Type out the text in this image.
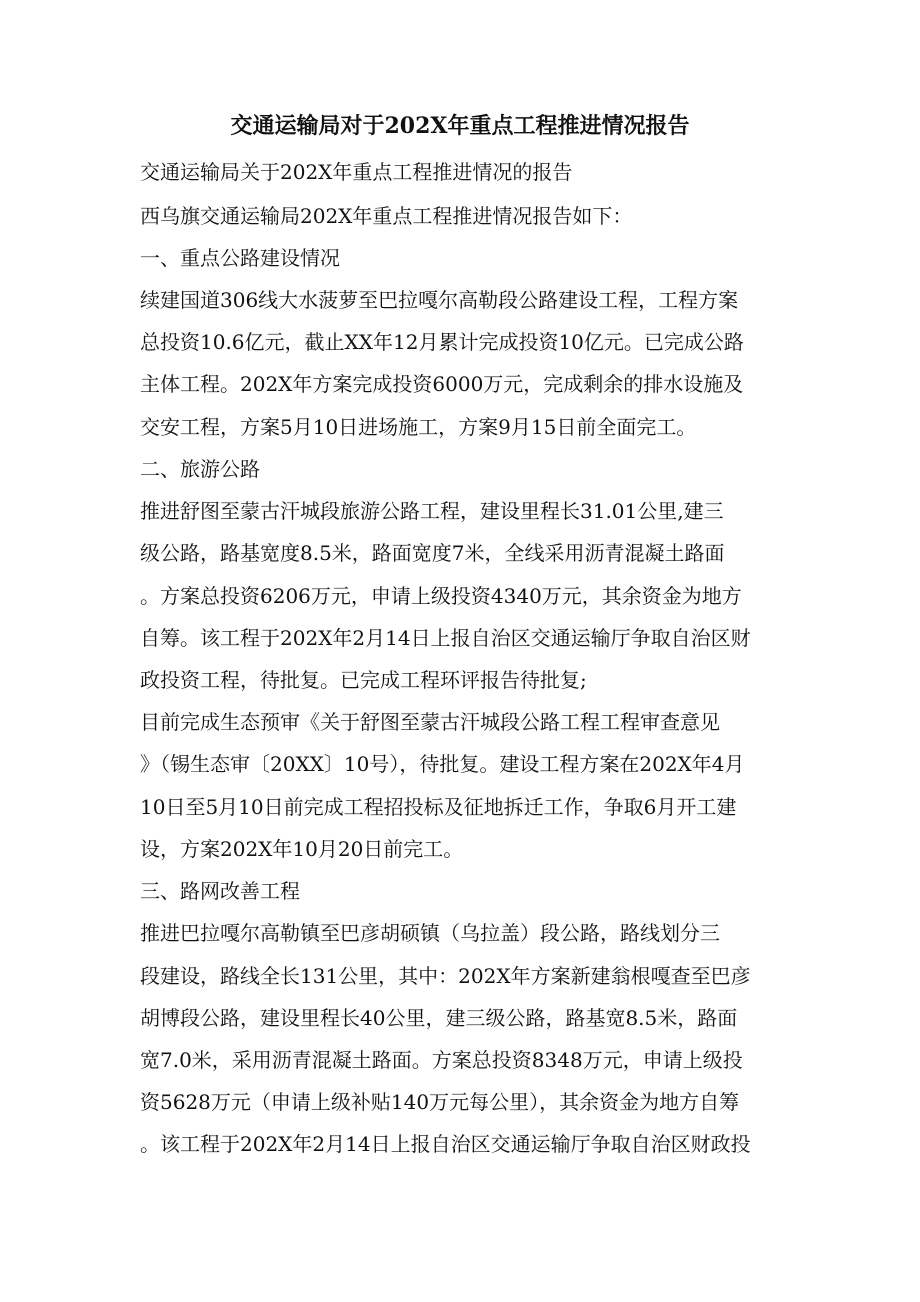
交通运输局对于202X年重点工程推进情况报告
交通运输局关于202X年重点工程推进情况的报告
西乌旗交通运输局202X年重点工程推进情况报告如下：
一、重点公路建设情况
续建国道306线大水菠萝至巴拉嘎尔高勒段公路建设工程，工程方案
总投资10.6亿元，截止XX年12月累计完成投资10亿元。已完成公路
主体工程。202X年方案完成投资6000万元，完成剩余的排水设施及
交安工程，方案5月10日进场施工，方案9月15日前全面完工。
二、旅游公路
推进舒图至蒙古汗城段旅游公路工程，建设里程长31.01公里,建三
级公路，路基宽度8.5米，路面宽度7米，全线采用沥青混凝土路面
。方案总投资6206万元，申请上级投资4340万元，其余资金为地方
自筹。该工程于202X年2月14日上报自治区交通运输厅争取自治区财
政投资工程，待批复。已完成工程环评报告待批复;
目前完成生态预审《关于舒图至蒙古汗城段公路工程工程审查意见
》（锡生态审〔20XX〕10号），待批复。建设工程方案在202X年4月
10日至5月10日前完成工程招投标及征地拆迁工作，争取6月开工建
设，方案202X年10月20日前完工。
三、路网改善工程
推进巴拉嘎尔高勒镇至巴彦胡硕镇（乌拉盖）段公路，路线划分三
段建设，路线全长131公里，其中：202X年方案新建翁根嘎查至巴彦
胡博段公路，建设里程长40公里，建三级公路，路基宽8.5米，路面
宽7.0米，采用沥青混凝土路面。方案总投资8348万元，申请上级投
资5628万元（申请上级补贴140万元每公里），其余资金为地方自筹
。该工程于202X年2月14日上报自治区交通运输厅争取自治区财政投
